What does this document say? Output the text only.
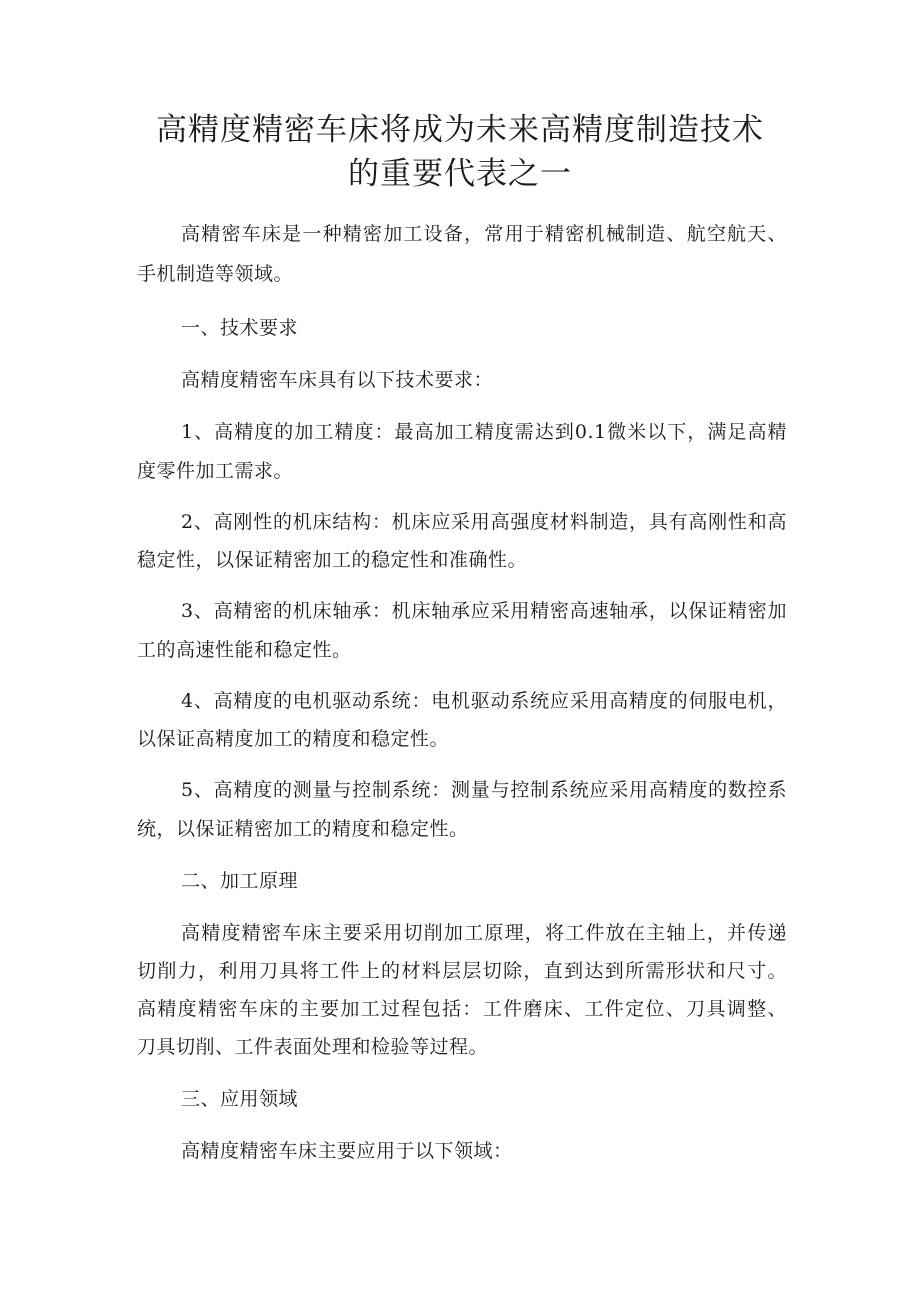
高精度精密车床将成为未来高精度制造技术
的重要代表之一
高精密车床是一种精密加工设备，常用于精密机械制造、航空航天、
手机制造等领域。
一、技术要求
高精度精密车床具有以下技术要求：
1、高精度的加工精度：最高加工精度需达到0.1微米以下，满足高精
度零件加工需求。
2、高刚性的机床结构：机床应采用高强度材料制造，具有高刚性和高
稳定性，以保证精密加工的稳定性和准确性。
3、高精密的机床轴承：机床轴承应采用精密高速轴承，以保证精密加
工的高速性能和稳定性。
4、高精度的电机驱动系统：电机驱动系统应采用高精度的伺服电机，
以保证高精度加工的精度和稳定性。
5、高精度的测量与控制系统：测量与控制系统应采用高精度的数控系
统，以保证精密加工的精度和稳定性。
二、加工原理
高精度精密车床主要采用切削加工原理，将工件放在主轴上，并传递
切削力，利用刀具将工件上的材料层层切除，直到达到所需形状和尺寸。
高精度精密车床的主要加工过程包括：工件磨床、工件定位、刀具调整、
刀具切削、工件表面处理和检验等过程。
三、应用领域
高精度精密车床主要应用于以下领域：
